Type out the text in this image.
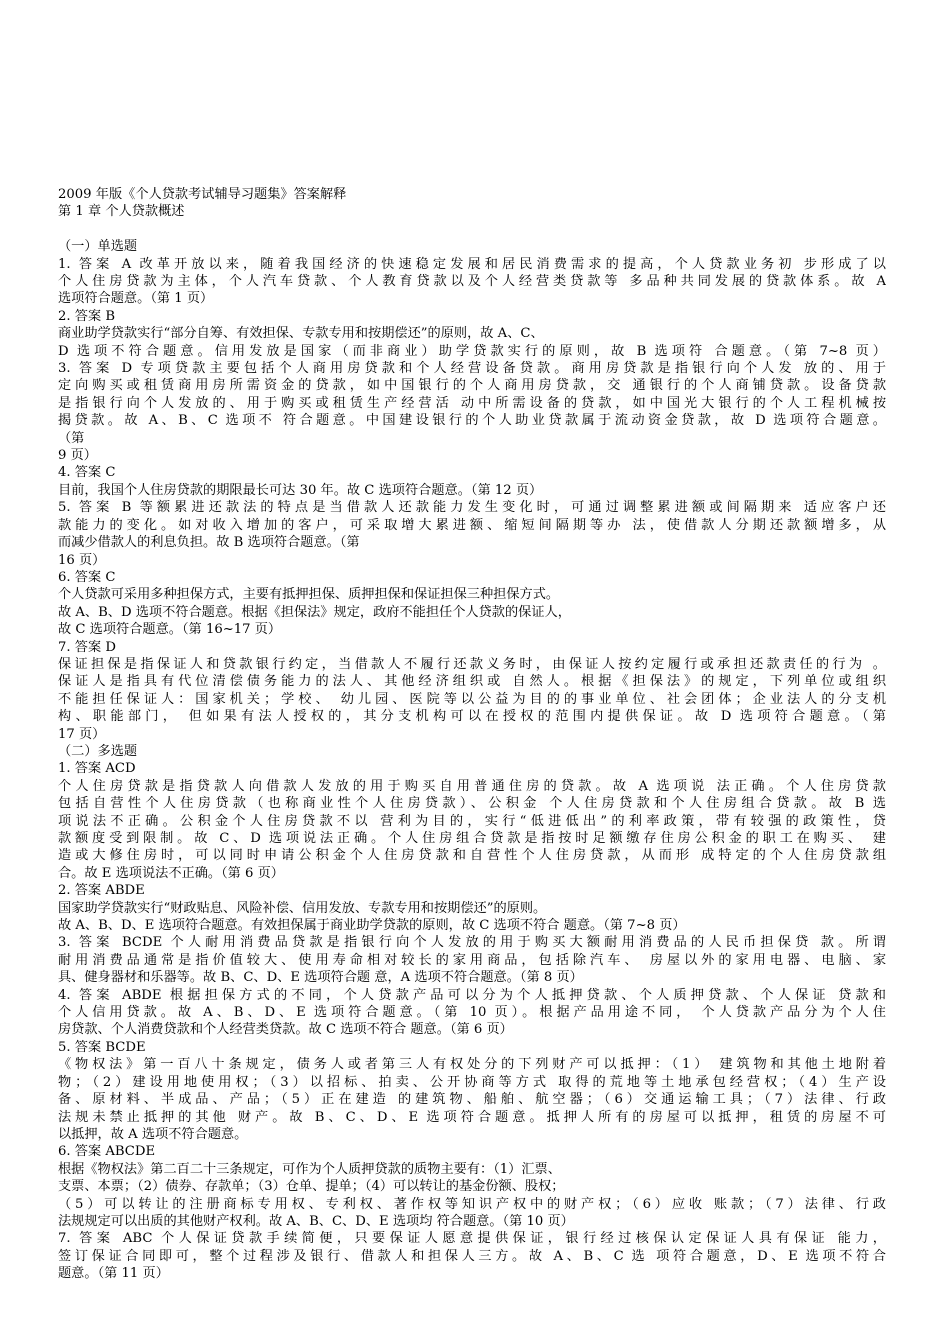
2009 年版《个人贷款考试辅导习题集》答案解释
第 1 章 个人贷款概述
（一）单选题
1. 答案 A 改革开放以来，随着我国经济的快速稳定发展和居民消费需求的提高，个人贷款业务初 步形成了以
个人住房贷款为主体，个人汽车贷款、个人教育贷款以及个人经营类贷款等 多品种共同发展的贷款体系。故 A
选项符合题意。（第 1 页）
2. 答案 B
商业助学贷款实行“部分自筹、有效担保、专款专用和按期偿还”的原则，故 A、C、
D 选项不符合题意。信用发放是国家（而非商业）助学贷款实行的原则，故 B 选项符 合题意。（第 7~8 页）
3. 答案 D 专项贷款主要包括个人商用房贷款和个人经营设备贷款。商用房贷款是指银行向个人发 放的、用于
定向购买或租赁商用房所需资金的贷款，如中国银行的个人商用房贷款，交 通银行的个人商铺贷款。设备贷款
是指银行向个人发放的、用于购买或租赁生产经营活 动中所需设备的贷款，如中国光大银行的个人工程机械按
揭贷款。故 A、B、C 选项不 符合题意。中国建设银行的个人助业贷款属于流动资金贷款，故 D 选项符合题意。
（第
9 页）
4. 答案 C
目前，我国个人住房贷款的期限最长可达 30 年。故 C 选项符合题意。（第 12 页）
5. 答案 B 等额累进还款法的特点是当借款人还款能力发生变化时，可通过调整累进额或间隔期来 适应客户还
款能力的变化。如对收入增加的客户，可采取增大累进额、缩短间隔期等办 法，使借款人分期还款额增多，从
而减少借款人的利息负担。故 B 选项符合题意。（第
16 页）
6. 答案 C
个人贷款可采用多种担保方式，主要有抵押担保、质押担保和保证担保三种担保方式。
故 A、B、D 选项不符合题意。根据《担保法》规定，政府不能担任个人贷款的保证人，
故 C 选项符合题意。（第 16~17 页）
7. 答案 D
保证担保是指保证人和贷款银行约定，当借款人不履行还款义务时，由保证人按约定履行或承担还款责任的行为 。
保证人是指具有代位清偿债务能力的法人、其他经济组织或 自然人。根据《担保法》的规定，下列单位或组织
不能担任保证人：国家机关；学校、 幼儿园、医院等以公益为目的的事业单位、社会团体；企业法人的分支机
构、职能部门， 但如果有法人授权的，其分支机构可以在授权的范围内提供保证。故 D 选项符合题意。（第
17 页）
（二）多选题
1. 答案 ACD
个人住房贷款是指贷款人向借款人发放的用于购买自用普通住房的贷款。故 A 选项说 法正确。个人住房贷款
包括自营性个人住房贷款（也称商业性个人住房贷款）、公积金 个人住房贷款和个人住房组合贷款。故 B 选
项说法不正确。公积金个人住房贷款不以 营利为目的，实行“低进低出”的利率政策，带有较强的政策性，贷
款额度受到限制。故 C、D 选项说法正确。个人住房组合贷款是指按时足额缴存住房公积金的职工在购买、 建
造或大修住房时，可以同时申请公积金个人住房贷款和自营性个人住房贷款，从而形 成特定的个人住房贷款组
合。故 E 选项说法不正确。（第 6 页）
2. 答案 ABDE
国家助学贷款实行“财政贴息、风险补偿、信用发放、专款专用和按期偿还”的原则。
故 A、B、D、E 选项符合题意。有效担保属于商业助学贷款的原则，故 C 选项不符合 题意。（第 7~8 页）
3. 答案 BCDE 个人耐用消费品贷款是指银行向个人发放的用于购买大额耐用消费品的人民币担保贷 款。所谓
耐用消费品通常是指价值较大、使用寿命相对较长的家用商品，包括除汽车、 房屋以外的家用电器、电脑、家
具、健身器材和乐器等。故 B、C、D、E 选项符合题 意，A 选项不符合题意。（第 8 页）
4. 答案 ABDE 根据担保方式的不同，个人贷款产品可以分为个人抵押贷款、个人质押贷款、个人保证 贷款和
个人信用贷款。故 A、B、D、E 选项符合题意。（第 10 页）。根据产品用途不同， 个人贷款产品分为个人住
房贷款、个人消费贷款和个人经营类贷款。故 C 选项不符合 题意。（第 6 页）
5. 答案 BCDE
《物权法》第一百八十条规定，债务人或者第三人有权处分的下列财产可以抵押：（1） 建筑物和其他土地附着
物；（2）建设用地使用权；（3）以招标、拍卖、公开协商等方式 取得的荒地等土地承包经营权；（4）生产设
备、原材料、半成品、产品；（5）正在建造 的建筑物、船舶、航空器；（6）交通运输工具；（7）法律、行政
法规未禁止抵押的其他 财产。故 B、C、D、E 选项符合题意。抵押人所有的房屋可以抵押，租赁的房屋不可
以抵押，故 A 选项不符合题意。
6. 答案 ABCDE
根据《物权法》第二百二十三条规定，可作为个人质押贷款的质物主要有：（1）汇票、
支票、本票；（2）债券、存款单；（3）仓单、提单；（4）可以转让的基金份额、股权；
（5）可以转让的注册商标专用权、专利权、著作权等知识产权中的财产权；（6）应收 账款；（7）法律、行政
法规规定可以出质的其他财产权利。故 A、B、C、D、E 选项均 符合题意。（第 10 页）
7. 答案 ABC 个人保证贷款手续简便，只要保证人愿意提供保证，银行经过核保认定保证人具有保证 能力，
签订保证合同即可，整个过程涉及银行、借款人和担保人三方。故 A、B、C 选 项符合题意，D、E 选项不符合
题意。（第 11 页）
